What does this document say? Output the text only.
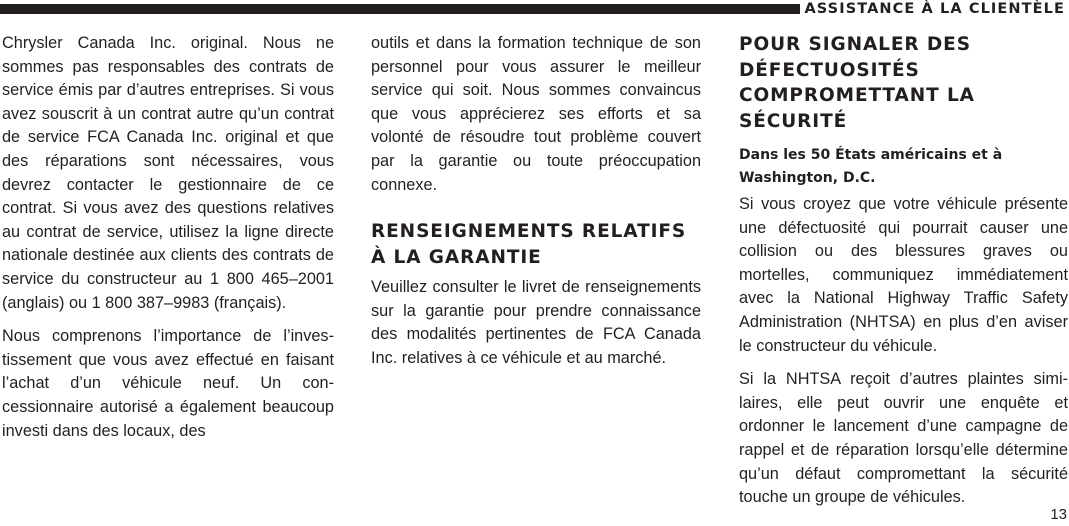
ASSISTANCE À LA CLIENTÈLE

Chrysler Canada Inc. original. Nous ne sommes pas responsables des contrats de service émis par d’autres entreprises. Si vous avez souscrit à un contrat autre qu’un contrat de service FCA Canada Inc. original et que des réparations sont nécessaires, vous devrez contacter le gestionnaire de ce contrat. Si vous avez des questions relatives au contrat de service, utilisez la ligne directe nationale destinée aux clients des contrats de service du constructeur au 1 800 465–2001 (anglais) ou 1 800 387–9983 (français).

Nous comprenons l’importance de l’investissement que vous avez effectué en faisant l’achat d’un véhicule neuf. Un concessionnaire autorisé a également beaucoup investi dans des locaux, des

outils et dans la formation technique de son personnel pour vous assurer le meilleur service qui soit. Nous sommes convaincus que vous apprécierez ses efforts et sa volonté de résoudre tout problème couvert par la garantie ou toute préoccupation connexe.

RENSEIGNEMENTS RELATIFS À LA GARANTIE

Veuillez consulter le livret de renseignements sur la garantie pour prendre connaissance des modalités pertinentes de FCA Canada Inc. relatives à ce véhicule et au marché.

POUR SIGNALER DES DÉFECTUOSITÉS COMPROMETTANT LA SÉCURITÉ
Dans les 50 États américains et à Washington, D.C.

Si vous croyez que votre véhicule présente une défectuosité qui pourrait causer une collision ou des blessures graves ou mortelles, communiquez immédiatement avec la National Highway Traffic Safety Administration (NHTSA) en plus d’en aviser le constructeur du véhicule.

Si la NHTSA reçoit d’autres plaintes similaires, elle peut ouvrir une enquête et ordonner le lancement d’une campagne de rappel et de réparation lorsqu’elle détermine qu’un défaut compromettant la sécurité touche un groupe de véhicules.

13
